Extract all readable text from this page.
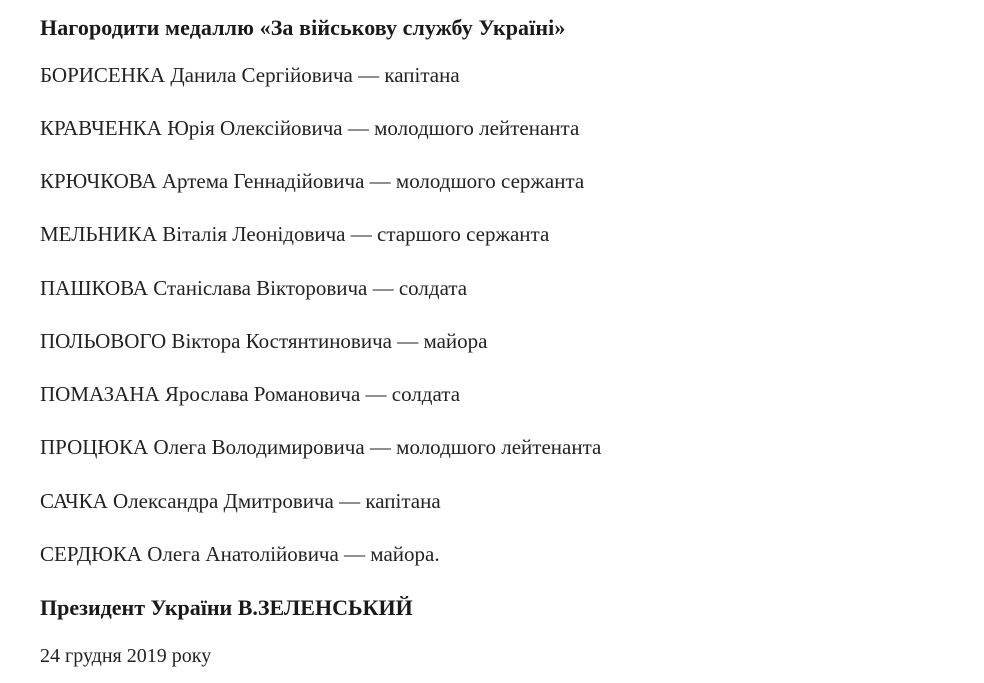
Нагородити медаллю «За військову службу Україні»

БОРИСЕНКА Данила Сергійовича — капітана

КРАВЧЕНКА Юрія Олексійовича — молодшого лейтенанта

КРЮЧКОВА Артема Геннадійовича — молодшого сержанта

МЕЛЬНИКА Віталія Леонідовича — старшого сержанта

ПАШКОВА Станіслава Вікторовича — солдата

ПОЛЬОВОГО Віктора Костянтиновича — майора

ПОМАЗАНА Ярослава Романовича — солдата

ПРОЦЮКА Олега Володимировича — молодшого лейтенанта

САЧКА Олександра Дмитровича — капітана

СЕРДЮКА Олега Анатолійовича — майора.

Президент України В.ЗЕЛЕНСЬКИЙ

24 грудня 2019 року
